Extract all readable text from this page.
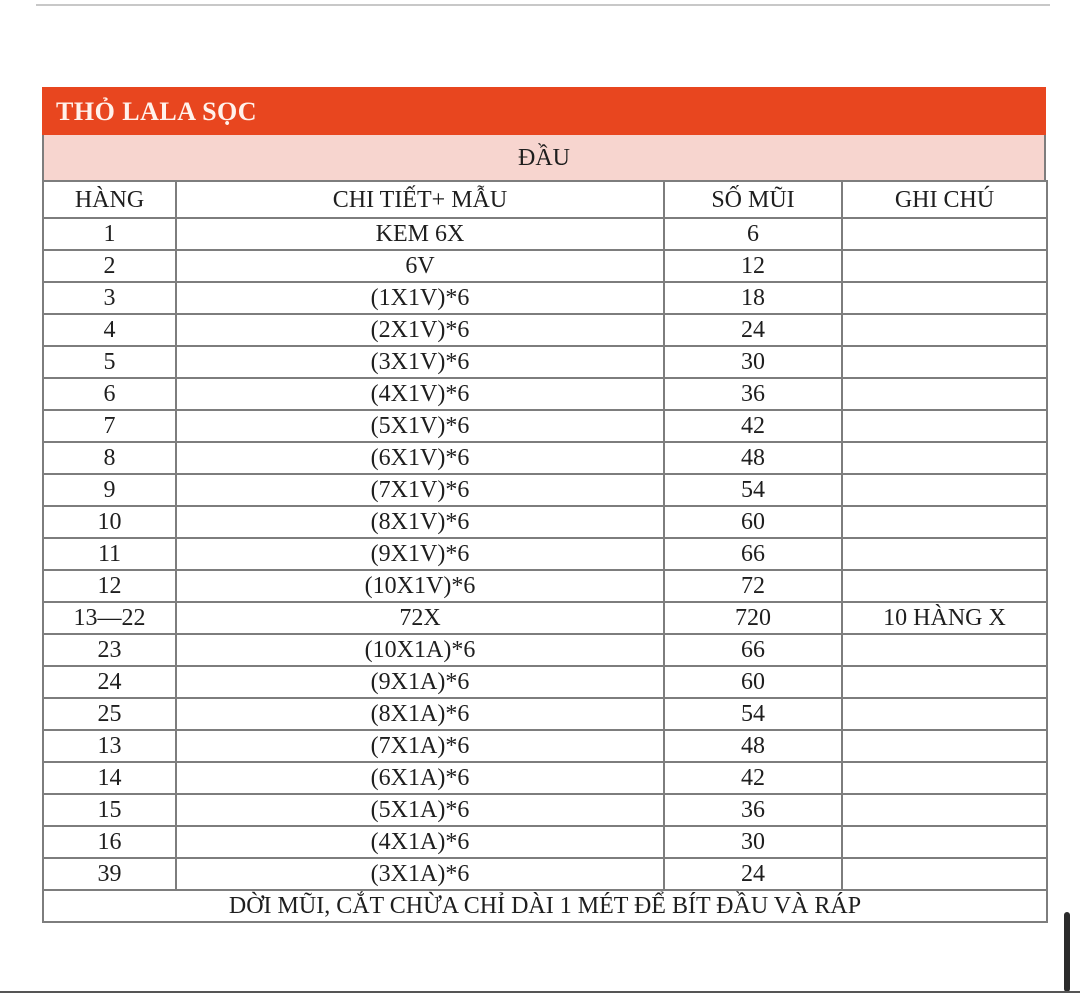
THỎ LALA SỌC
ĐẦU
HÀNG	CHI TIẾT+ MẪU	SỐ MŨI	GHI CHÚ
1	KEM 6X	6	
2	6V	12	
3	(1X1V)*6	18	
4	(2X1V)*6	24	
5	(3X1V)*6	30	
6	(4X1V)*6	36	
7	(5X1V)*6	42	
8	(6X1V)*6	48	
9	(7X1V)*6	54	
10	(8X1V)*6	60	
11	(9X1V)*6	66	
12	(10X1V)*6	72	
13—22	72X	720	10 HÀNG X
23	(10X1A)*6	66	
24	(9X1A)*6	60	
25	(8X1A)*6	54	
13	(7X1A)*6	48	
14	(6X1A)*6	42	
15	(5X1A)*6	36	
16	(4X1A)*6	30	
39	(3X1A)*6	24	
DỜI MŨI, CẮT CHỪA CHỈ DÀI 1 MÉT ĐỂ BÍT ĐẦU VÀ RÁP			
